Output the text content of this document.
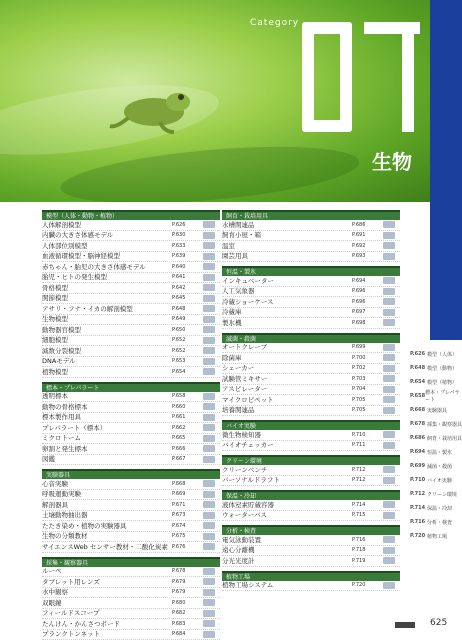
Category
生物
模型（人体・動物・植物）
人体解剖模型	P.626
内臓の大きさ体感モデル	P.630
人体部位別模型	P.633
血液循環模型・脳神経模型	P.639
赤ちゃん・胎児の大きさ体感モデル	P.640
胎児・ヒトの発生模型	P.641
骨格模型	P.642
関節模型	P.645
アサリ・フナ・イカの解剖模型	P.648
生物模型	P.649
動物器官模型	P.650
細胞模型	P.652
減数分裂模型	P.652
DNAモデル	P.653
植物模型	P.654
標本・プレパラート
透明標本	P.658
動物の骨格標本	P.660
標本製作用具	P.661
プレパラート（標本）	P.662
ミクロトーム	P.665
卵割と発生標本	P.666
図鑑	P.667
実験器具
心音実験	P.668
呼吸運動実験	P.669
解剖器具	P.671
土壌動物抽出器	P.673
たたき染め・植物の実験器具	P.674
生物の分類教材	P.675
サイエンスWeb センサー教材・二酸化炭素 P.676
採集・観察器具
ルーペ	P.678
タブレット用レンズ	P.679
水中観察	P.679
双眼鏡	P.680
フィールドスコープ	P.682
たんけん・かんさつボード	P.683
プランクトンネット	P.684
飼育・栽培用具
水槽関連品	P.686
飼育小屋・箱	P.691
温室	P.692
園芸用具	P.693
恒温・製氷
インキュベーター	P.694
人工気象器	P.696
冷蔵ショーケース	P.696
冷蔵庫	P.697
製氷機	P.698
滅菌・殺菌
オートクレーブ	P.699
除菌庫	P.700
シェーカー	P.702
試験管ミキサー	P.703
アスピレーター	P.704
マイクロピペット	P.705
培養関連品	P.705
バイオ実験
微生物検知器	P.710
バイオチェッカー	P.711
クリーン環境
クリーンベンチ	P.712
パーソナルドラフト	P.712
保温・冷却
液体窒素貯蔵容器	P.714
ウォーターバス	P.715
分析・検査
電気泳動装置	P.716
遠心分離機	P.718
分光光度計	P.719
植物工場
植物工場システム	P.720
P.626 模型（人体）
P.648 模型（動物）
P.654 模型（植物）
P.658 標本・プレパラート
P.668 実験器具
P.678 採集・観察器具
P.686 飼育・栽培用具
P.694 恒温・製氷
P.699 滅菌・殺菌
P.710 バイオ実験
P.712 クリーン環境
P.714 保温・冷却
P.716 分析・検査
P.720 植物工場
625
